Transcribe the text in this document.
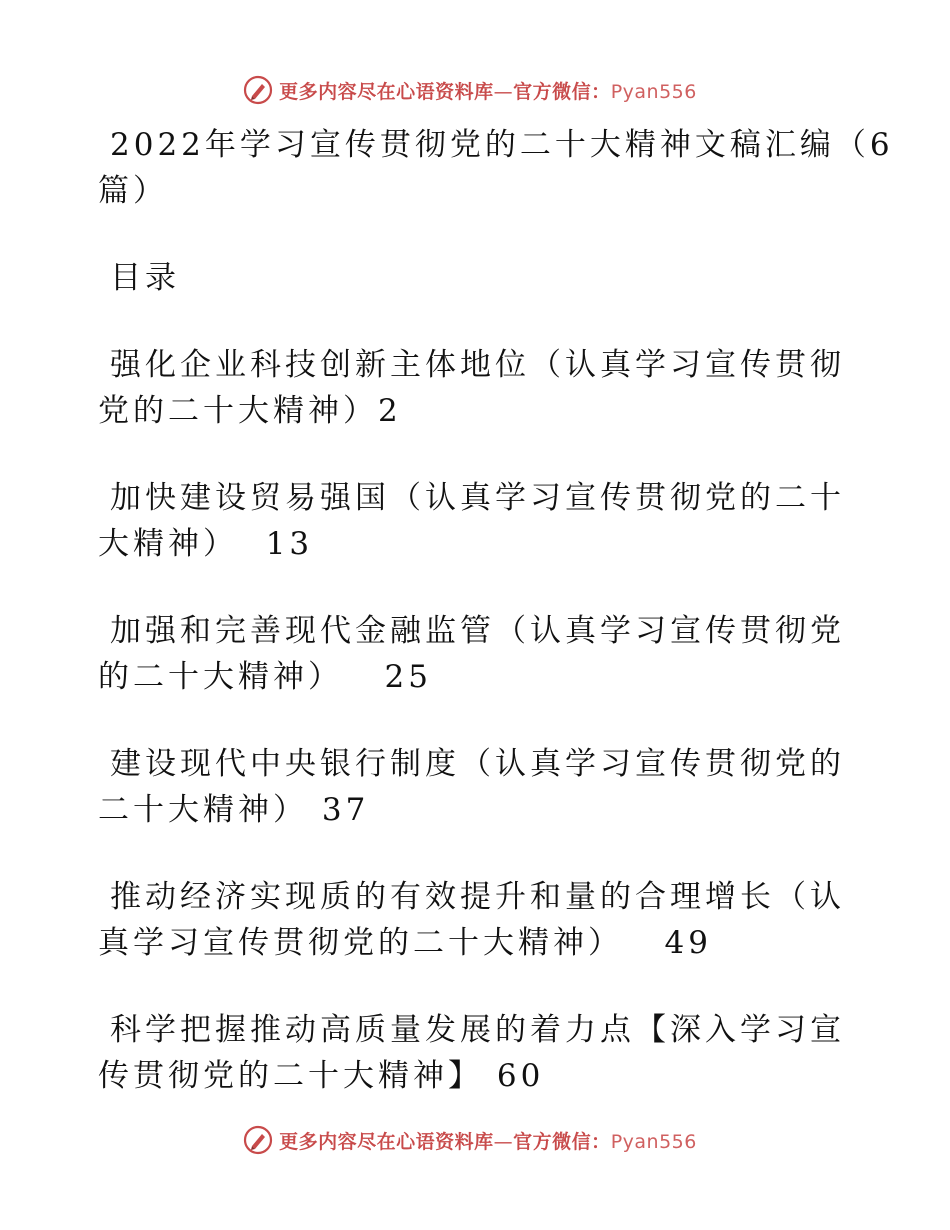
更多内容尽在心语资料库—官方微信：Pyan556
2022年学习宣传贯彻党的二十大精神文稿汇编（6
篇）
目录
强化企业科技创新主体地位（认真学习宣传贯彻
党的二十大精神）2
加快建设贸易强国（认真学习宣传贯彻党的二十
大精神）  13
加强和完善现代金融监管（认真学习宣传贯彻党
的二十大精神）   25
建设现代中央银行制度（认真学习宣传贯彻党的
二十大精神） 37
推动经济实现质的有效提升和量的合理增长（认
真学习宣传贯彻党的二十大精神）   49
科学把握推动高质量发展的着力点【深入学习宣
传贯彻党的二十大精神】 60
更多内容尽在心语资料库—官方微信：Pyan556
